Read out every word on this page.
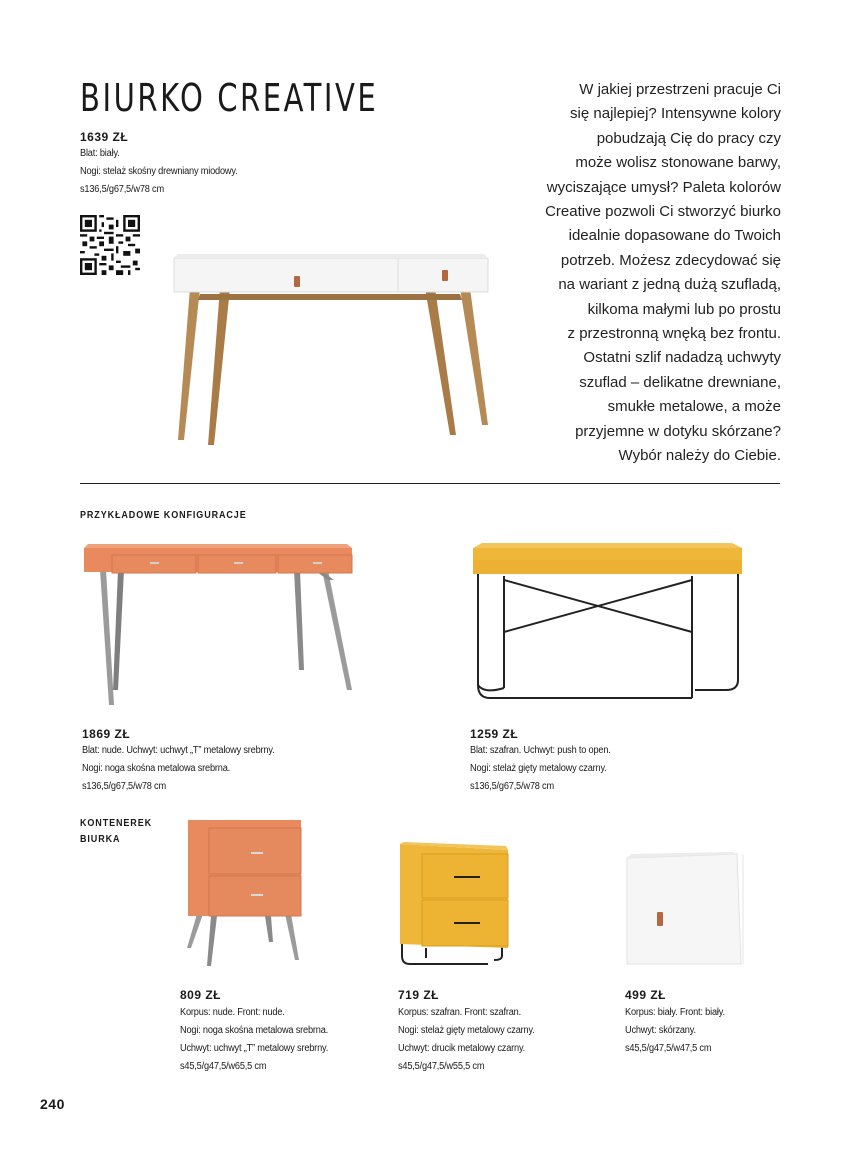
BIURKO CREATIVE
1639 ZŁ
Blat: biały.
Nogi: stelaż skośny drewniany miodowy.
s136,5/g67,5/w78 cm
W jakiej przestrzeni pracuje Ci
się najlepiej? Intensywne kolory
pobudzają Cię do pracy czy
może wolisz stonowane barwy,
wyciszające umysł? Paleta kolorów
Creative pozwoli Ci stworzyć biurko
idealnie dopasowane do Twoich
potrzeb. Możesz zdecydować się
na wariant z jedną dużą szufladą,
kilkoma małymi lub po prostu
z przestronną wnęką bez frontu.
Ostatni szlif nadadzą uchwyty
szuflad – delikatne drewniane,
smukłe metalowe, a może
przyjemne w dotyku skórzane?
Wybór należy do Ciebie.
PRZYKŁADOWE KONFIGURACJE
1869 ZŁ
Blat: nude. Uchwyt: uchwyt „T” metalowy srebrny.
Nogi: noga skośna metalowa srebrna.
s136,5/g67,5/w78 cm
1259 ZŁ
Blat: szafran. Uchwyt: push to open.
Nogi: stelaż gięty metalowy czarny.
s136,5/g67,5/w78 cm
KONTENEREK
BIURKA
809 ZŁ
Korpus: nude. Front: nude.
Nogi: noga skośna metalowa srebrna.
Uchwyt: uchwyt „T” metalowy srebrny.
s45,5/g47,5/w65,5 cm
719 ZŁ
Korpus: szafran. Front: szafran.
Nogi: stelaż gięty metalowy czarny.
Uchwyt: drucik metalowy czarny.
s45,5/g47,5/w55,5 cm
499 ZŁ
Korpus: biały. Front: biały.
Uchwyt: skórzany.
s45,5/g47,5/w47,5 cm
240
